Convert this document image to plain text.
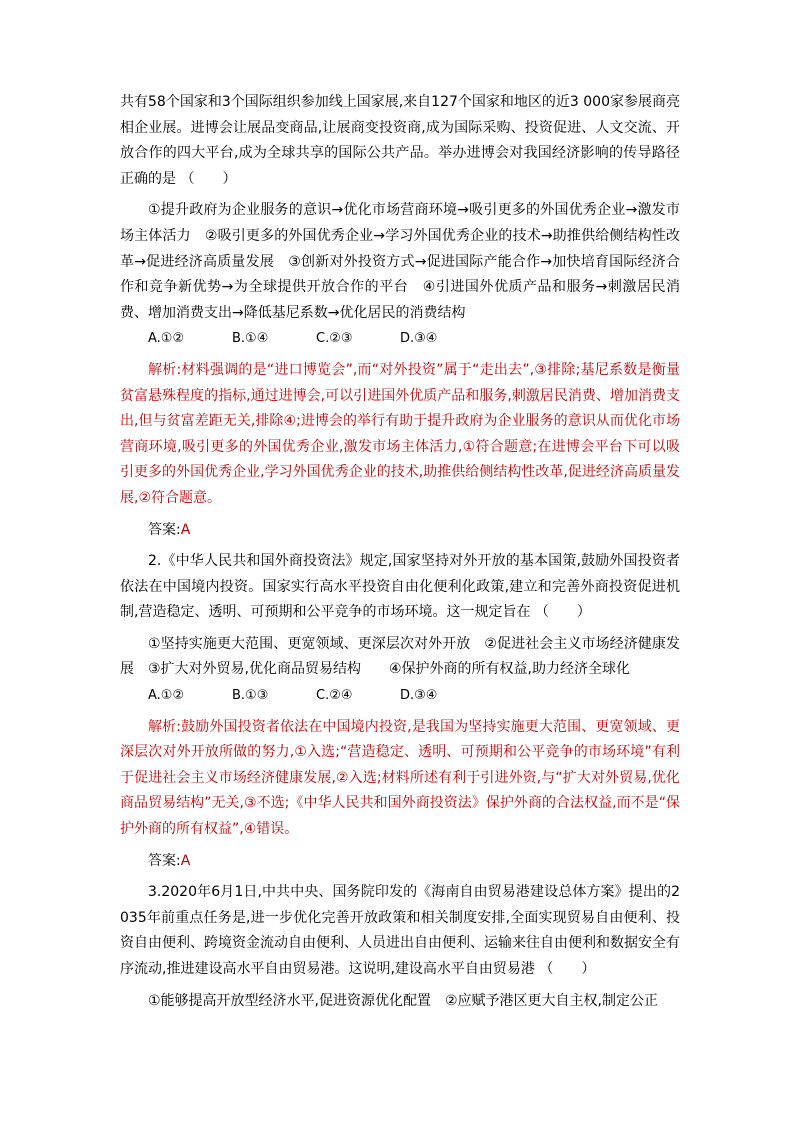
共有58个国家和3个国际组织参加线上国家展,来自127个国家和地区的近3 000家参展商亮相企业展。进博会让展品变商品,让展商变投资商,成为国际采购、投资促进、人文交流、开放合作的四大平台,成为全球共享的国际公共产品。举办进博会对我国经济影响的传导路径正确的是 （　　）

①提升政府为企业服务的意识→优化市场营商环境→吸引更多的外国优秀企业→激发市场主体活力　②吸引更多的外国优秀企业→学习外国优秀企业的技术→助推供给侧结构性改革→促进经济高质量发展　③创新对外投资方式→促进国际产能合作→加快培育国际经济合作和竞争新优势→为全球提供开放合作的平台　④引进国外优质产品和服务→刺激居民消费、增加消费支出→降低基尼系数→优化居民的消费结构

A.①②	B.①④	C.②③	D.③④

解析:材料强调的是“进口博览会”,而“对外投资”属于“走出去”,③排除;基尼系数是衡量贫富悬殊程度的指标,通过进博会,可以引进国外优质产品和服务,刺激居民消费、增加消费支出,但与贫富差距无关,排除④;进博会的举行有助于提升政府为企业服务的意识从而优化市场营商环境,吸引更多的外国优秀企业,激发市场主体活力,①符合题意;在进博会平台下可以吸引更多的外国优秀企业,学习外国优秀企业的技术,助推供给侧结构性改革,促进经济高质量发展,②符合题意。

答案:A

2.《中华人民共和国外商投资法》规定,国家坚持对外开放的基本国策,鼓励外国投资者依法在中国境内投资。国家实行高水平投资自由化便利化政策,建立和完善外商投资促进机制,营造稳定、透明、可预期和公平竞争的市场环境。这一规定旨在 （　　）

①坚持实施更大范围、更宽领域、更深层次对外开放　②促进社会主义市场经济健康发展　③扩大对外贸易,优化商品贸易结构　　④保护外商的所有权益,助力经济全球化

A.①②	B.①③	C.②④	D.③④

解析:鼓励外国投资者依法在中国境内投资,是我国为坚持实施更大范围、更宽领域、更深层次对外开放所做的努力,①入选;“营造稳定、透明、可预期和公平竞争的市场环境”有利于促进社会主义市场经济健康发展,②入选;材料所述有利于引进外资,与“扩大对外贸易,优化商品贸易结构”无关,③不选;《中华人民共和国外商投资法》保护外商的合法权益,而不是“保护外商的所有权益”,④错误。

答案:A

3.2020年6月1日,中共中央、国务院印发的《海南自由贸易港建设总体方案》提出的2035年前重点任务是,进一步优化完善开放政策和相关制度安排,全面实现贸易自由便利、投资自由便利、跨境资金流动自由便利、人员进出自由便利、运输来往自由便利和数据安全有序流动,推进建设高水平自由贸易港。这说明,建设高水平自由贸易港 （　　）

①能够提高开放型经济水平,促进资源优化配置　②应赋予港区更大自主权,制定公正
